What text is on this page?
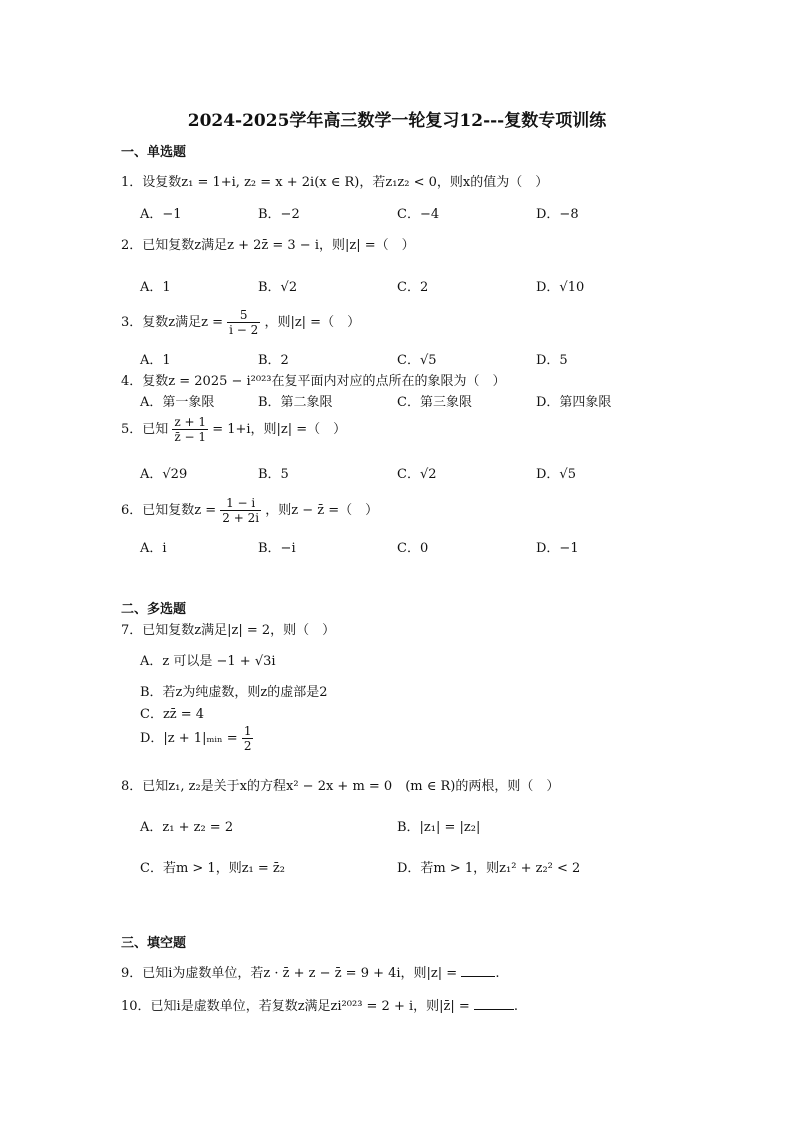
2024-2025学年高三数学一轮复习12---复数专项训练
一、单选题
1．设复数z₁ = 1+i, z₂ = x + 2i(x ∈ R)，若z₁z₂ < 0，则x的值为（　）
A．−1	B．−2	C．−4	D．−8
2．已知复数z满足z + 2z̄ = 3 − i，则|z| =（　）
A．1	B．√2	C．2	D．√10
3．复数z满足$z = \frac{5}{i - 2}$ ，则|z| =（　）
A．1	B．2	C．√5	D．5
4．复数z = 2025 − i²⁰²³在复平面内对应的点所在的象限为（　）
A．第一象限	B．第二象限	C．第三象限	D．第四象限
5．已知 $\frac{z + 1}{z̄ - 1} = 1+i$，则|z| =（　）
A．√29	B．5	C．√2	D．√5
6．已知复数$z = \frac{1 - i}{2 + 2i}$ ，则z − z̄ =（　）
A．i	B．−i	C．0	D．−1
二、多选题
7．已知复数z满足|z| = 2，则（　）
A．z 可以是 −1 + √3i
B．若z为纯虚数，则z的虚部是2
C．zz̄ = 4
D．|z + 1|ₘᵢₙ = $\frac{1}{2}$
8．已知z₁, z₂是关于x的方程x² − 2x + m = 0　(m ∈ R)的两根，则（　）
A．z₁ + z₂ = 2	B．|z₁| = |z₂|
C．若m > 1，则z₁ = z̄₂	D．若m > 1，则z₁² + z₂² < 2
三、填空题
9．已知i为虚数单位，若z · z̄ + z − z̄ = 9 + 4i，则|z| =	.
10．已知i是虚数单位，若复数z满足zi²⁰²³ = 2 + i，则|z̄| =	.
